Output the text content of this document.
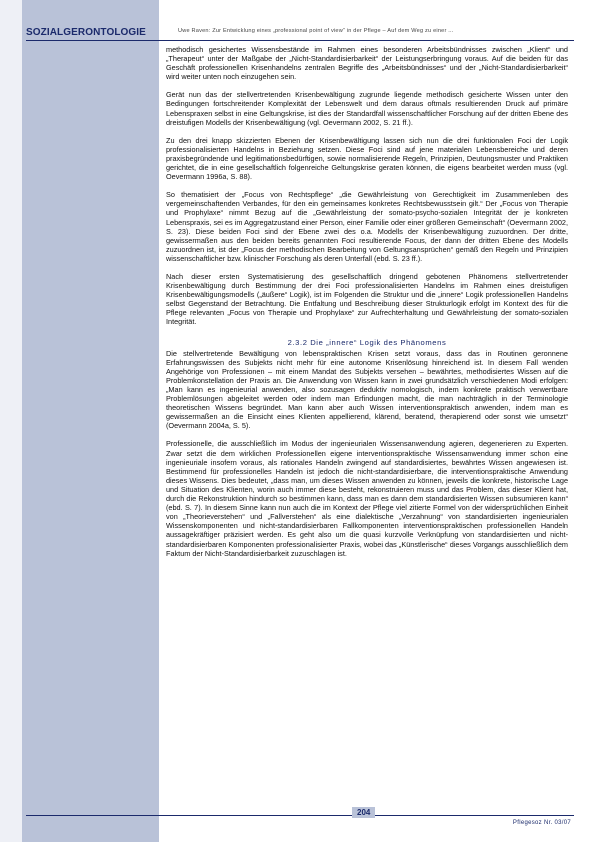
SOZIALGERONTOLOGIE	Uwe Raven: Zur Entwicklung eines „professional point of view“ in der Pflege – Auf dem Weg zu einer ...

methodisch gesichertes Wissensbestände im Rahmen eines besonderen Arbeitsbündnisses zwischen „Klient“ und „Therapeut“ unter der Maßgabe der „Nicht-Standardisierbarkeit“ der Leistungserbringung voraus. Auf die beiden für das Geschäft professionellen Krisenhandelns zentralen Begriffe des „Arbeitsbündnisses“ und der „Nicht-Standardisierbarkeit“ wird weiter unten noch einzugehen sein.

Gerät nun das der stellvertretenden Krisenbewältigung zugrunde liegende methodisch gesicherte Wissen unter den Bedingungen fortschreitender Komplexität der Lebenswelt und dem daraus oftmals resultierenden Druck auf primäre Lebenspraxen selbst in eine Geltungskrise, ist dies der Standardfall wissenschaftlicher Forschung auf der dritten Ebene des dreistufigen Modells der Krisenbewältigung (vgl. Oevermann 2002, S. 21 ff.).

Zu den drei knapp skizzierten Ebenen der Krisenbewältigung lassen sich nun die drei funktionalen Foci der Logik professionalisierten Handelns in Beziehung setzen. Diese Foci sind auf jene materialen Lebensbereiche und deren praxisbegründende und legitimationsbedürftigen, sowie normalisierende Regeln, Prinzipien, Deutungsmuster und Praktiken gerichtet, die in eine gesellschaftlich folgenreiche Geltungskrise geraten können, die eigens bearbeitet werden muss (vgl. Oevermann 1996a, S. 88).

So thematisiert der „Focus von Rechtspflege“ „die Gewährleistung von Gerechtigkeit im Zusammenleben des vergemeinschaftenden Verbandes, für den ein gemeinsames konkretes Rechtsbewusstsein gilt.“ Der „Focus von Therapie und Prophylaxe“ nimmt Bezug auf die „Gewährleistung der somato-psycho-sozialen Integrität der je konkreten Lebenspraxis, sei es im Aggregatzustand einer Person, einer Familie oder einer größeren Gemeinschaft“ (Oevermann 2002, S. 23). Diese beiden Foci sind der Ebene zwei des o.a. Modells der Krisenbewältigung zuzuordnen. Der dritte, gewissermaßen aus den beiden bereits genannten Foci resultierende Focus, der dann der dritten Ebene des Modells zuzuordnen ist, ist der „Focus der methodischen Bearbeitung von Geltungsansprüchen“ gemäß den Regeln und Prinzipien wissenschaftlicher bzw. klinischer Forschung als deren Unterfall (ebd. S. 23 ff.).

Nach dieser ersten Systematisierung des gesellschaftlich dringend gebotenen Phänomens stellvertretender Krisenbewältigung durch Bestimmung der drei Foci professionalisierten Handelns im Rahmen eines dreistufigen Krisenbewältigungsmodells („äußere“ Logik), ist im Folgenden die Struktur und die „innere“ Logik professionellen Handelns selbst Gegenstand der Betrachtung. Die Entfaltung und Beschreibung dieser Strukturlogik erfolgt im Kontext des für die Pflege relevanten „Focus von Therapie und Prophylaxe“ zur Aufrechterhaltung und Gewährleistung der somato-sozialen Integrität.

2.3.2 Die „innere“ Logik des Phänomens

Die stellvertretende Bewältigung von lebenspraktischen Krisen setzt voraus, dass das in Routinen geronnene Erfahrungswissen des Subjekts nicht mehr für eine autonome Krisenlösung hinreichend ist. In diesem Fall wenden Angehörige von Professionen – mit einem Mandat des Subjekts versehen – bewährtes, methodisiertes Wissen auf die Problemkonstellation der Praxis an. Die Anwendung von Wissen kann in zwei grundsätzlich verschiedenen Modi erfolgen: „Man kann es ingenieurial anwenden, also sozusagen deduktiv nomologisch, indem konkrete praktisch verwertbare Problemlösungen abgeleitet werden oder indem man Erfindungen macht, die man nachträglich in der Terminologie theoretischen Wissens begründet. Man kann aber auch Wissen interventionspraktisch anwenden, indem man es gewissermaßen an die Einsicht eines Klienten appellierend, klärend, beratend, therapierend oder sonst wie umsetzt“ (Oevermann 2004a, S. 5).

Professionelle, die ausschließlich im Modus der ingenieurialen Wissensanwendung agieren, degenerieren zu Experten. Zwar setzt die dem wirklichen Professionellen eigene interventionspraktische Wissensanwendung immer schon eine ingenieuriale insofern voraus, als rationales Handeln zwingend auf standardisiertes, bewährtes Wissen angewiesen ist. Bestimmend für professionelles Handeln ist jedoch die nicht-standardisierbare, die interventionspraktische Anwendung dieses Wissens. Dies bedeutet, „dass man, um dieses Wissen anwenden zu können, jeweils die konkrete, historische Lage und Situation des Klienten, worin auch immer diese besteht, rekonstruieren muss und das Problem, das dieser Klient hat, durch die Rekonstruktion hindurch so bestimmen kann, dass man es dann dem standardisierten Wissen subsumieren kann“ (ebd. S. 7). In diesem Sinne kann nun auch die im Kontext der Pflege viel zitierte Formel von der widersprüchlichen Einheit von „Theorieverstehen“ und „Fallverstehen“ als eine dialektische „Verzahnung“ von standardisierten ingenieurialen Wissenskomponenten und nicht-standardisierbaren Fallkomponenten interventionspraktischen professionellen Handeln aussagekräftiger präzisiert werden. Es geht also um die quasi kurzvolle Verknüpfung von standardisierten und nicht-standardisierbaren Komponenten professionalisierter Praxis, wobei das „Künstlerische“ dieses Vorgangs ausschließlich dem Faktum der Nicht-Standardisierbarkeit zuzuschlagen ist.

204
Pflegesoz Nr. 03/07
